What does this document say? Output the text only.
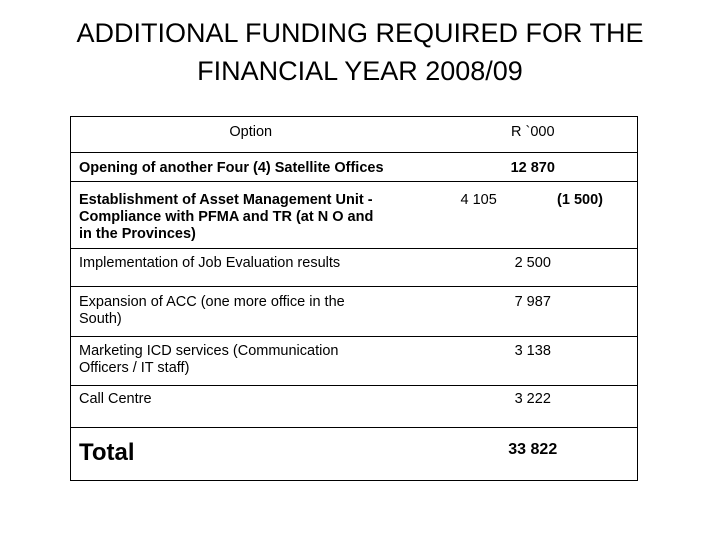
ADDITIONAL FUNDING REQUIRED FOR THE
FINANCIAL YEAR 2008/09
Option	R `000
Opening of another Four (4) Satellite Offices	12 870
Establishment of Asset Management Unit -
Compliance with PFMA and TR (at N O and
in the Provinces)	4 105 (1 500)

Implementation of Job Evaluation results	2 500
Expansion of ACC (one more office in the
South)	7 987
Marketing ICD services (Communication
Officers / IT staff)	3 138
Call Centre	3 222
Total	33 822
